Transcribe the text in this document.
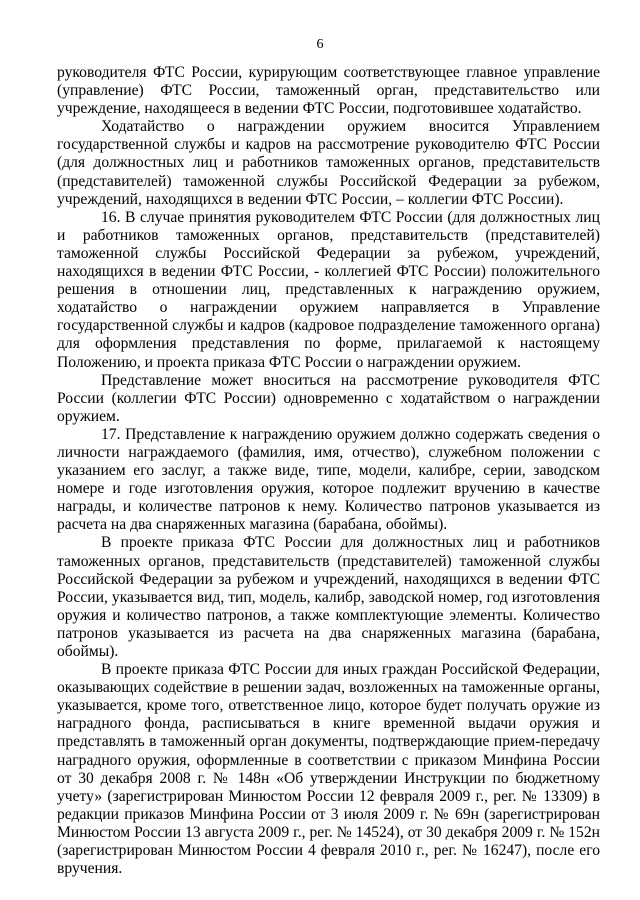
6

руководителя ФТС России, курирующим соответствующее главное управление (управление) ФТС России, таможенный орган, представительство или учреждение, находящееся в ведении ФТС России, подготовившее ходатайство.

Ходатайство о награждении оружием вносится Управлением государственной службы и кадров на рассмотрение руководителю ФТС России (для должностных лиц и работников таможенных органов, представительств (представителей) таможенной службы Российской Федерации за рубежом, учреждений, находящихся в ведении ФТС России, – коллегии ФТС России).

16. В случае принятия руководителем ФТС России (для должностных лиц и работников таможенных органов, представительств (представителей) таможенной службы Российской Федерации за рубежом, учреждений, находящихся в ведении ФТС России, - коллегией ФТС России) положительного решения в отношении лиц, представленных к награждению оружием, ходатайство о награждении оружием направляется в Управление государственной службы и кадров (кадровое подразделение таможенного органа) для оформления представления по форме, прилагаемой к настоящему Положению, и проекта приказа ФТС России о награждении оружием.

Представление может вноситься на рассмотрение руководителя ФТС России (коллегии ФТС России) одновременно с ходатайством о награждении оружием.

17. Представление к награждению оружием должно содержать сведения о личности награждаемого (фамилия, имя, отчество), служебном положении с указанием его заслуг, а также виде, типе, модели, калибре, серии, заводском номере и годе изготовления оружия, которое подлежит вручению в качестве награды, и количестве патронов к нему. Количество патронов указывается из расчета на два снаряженных магазина (барабана, обоймы).

В проекте приказа ФТС России для должностных лиц и работников таможенных органов, представительств (представителей) таможенной службы Российской Федерации за рубежом и учреждений, находящихся в ведении ФТС России, указывается вид, тип, модель, калибр, заводской номер, год изготовления оружия и количество патронов, а также комплектующие элементы. Количество патронов указывается из расчета на два снаряженных магазина (барабана, обоймы).

В проекте приказа ФТС России для иных граждан Российской Федерации, оказывающих содействие в решении задач, возложенных на таможенные органы, указывается, кроме того, ответственное лицо, которое будет получать оружие из наградного фонда, расписываться в книге временной выдачи оружия и представлять в таможенный орган документы, подтверждающие прием-передачу наградного оружия, оформленные в соответствии с приказом Минфина России от 30 декабря 2008 г. № 148н «Об утверждении Инструкции по бюджетному учету» (зарегистрирован Минюстом России 12 февраля 2009 г., рег. № 13309) в редакции приказов Минфина России от 3 июля 2009 г. № 69н (зарегистрирован Минюстом России 13 августа 2009 г., рег. № 14524), от 30 декабря 2009 г. № 152н (зарегистрирован Минюстом России 4 февраля 2010 г., рег. № 16247), после его вручения.
